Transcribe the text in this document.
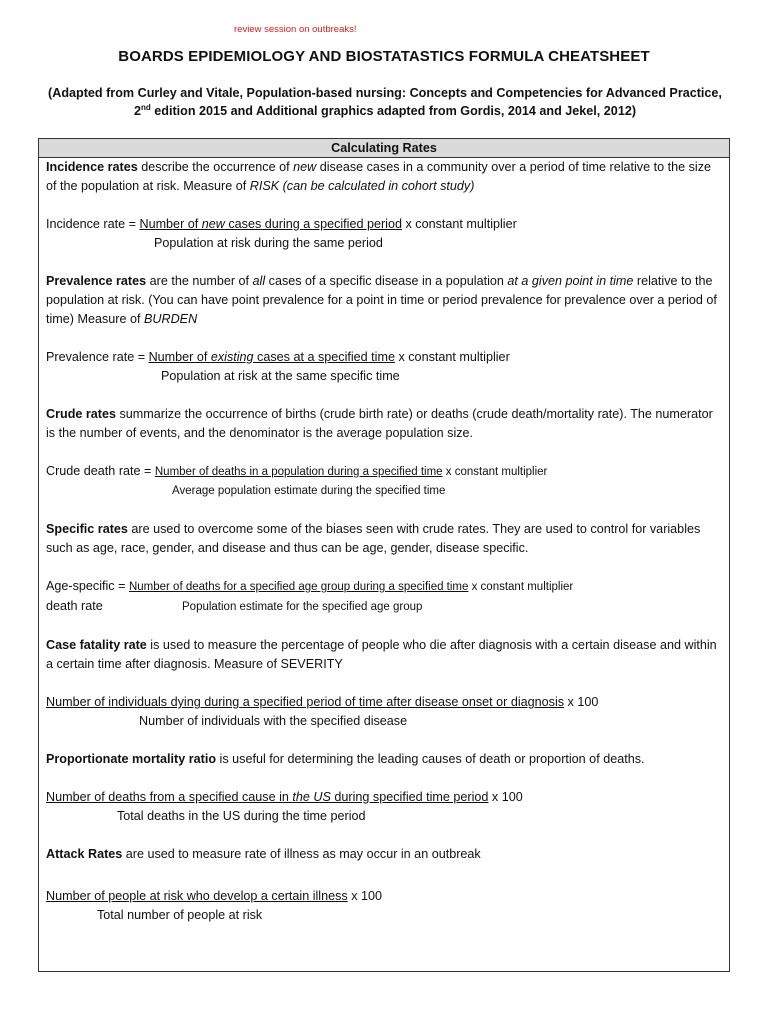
review session on outbreaks!
BOARDS EPIDEMIOLOGY AND BIOSTATASTICS FORMULA CHEATSHEET
(Adapted from Curley and Vitale, Population-based nursing: Concepts and Competencies for Advanced Practice,
2nd edition 2015 and Additional graphics adapted from Gordis, 2014 and Jekel, 2012)
Calculating Rates

Incidence rates describe the occurrence of new disease cases in a community over a period of time relative to the size of the population at risk. Measure of RISK (can be calculated in cohort study)

Incidence rate = Number of new cases during a specified period x constant multiplier

Population at risk during the same period

Prevalence rates are the number of all cases of a specific disease in a population at a given point in time relative to the population at risk. (You can have point prevalence for a point in time or period prevalence for prevalence over a period of time) Measure of BURDEN

Prevalence rate = Number of existing cases at a specified time x constant multiplier

Population at risk at the same specific time

Crude rates summarize the occurrence of births (crude birth rate) or deaths (crude death/mortality rate). The numerator is the number of events, and the denominator is the average population size.

Crude death rate = Number of deaths in a population during a specified time x constant multiplier

Average population estimate during the specified time

Specific rates are used to overcome some of the biases seen with crude rates. They are used to control for variables such as age, race, gender, and disease and thus can be age, gender, disease specific.

Age-specific = Number of deaths for a specified age group during a specified time x constant multiplier

death rate	Population estimate for the specified age group

Case fatality rate is used to measure the percentage of people who die after diagnosis with a certain disease and within a certain time after diagnosis. Measure of SEVERITY

Number of individuals dying during a specified period of time after disease onset or diagnosis x 100

Number of individuals with the specified disease

Proportionate mortality ratio is useful for determining the leading causes of death or proportion of deaths.

Number of deaths from a specified cause in the US during specified time period x 100

Total deaths in the US during the time period

Attack Rates are used to measure rate of illness as may occur in an outbreak

Number of people at risk who develop a certain illness x 100

Total number of people at risk
